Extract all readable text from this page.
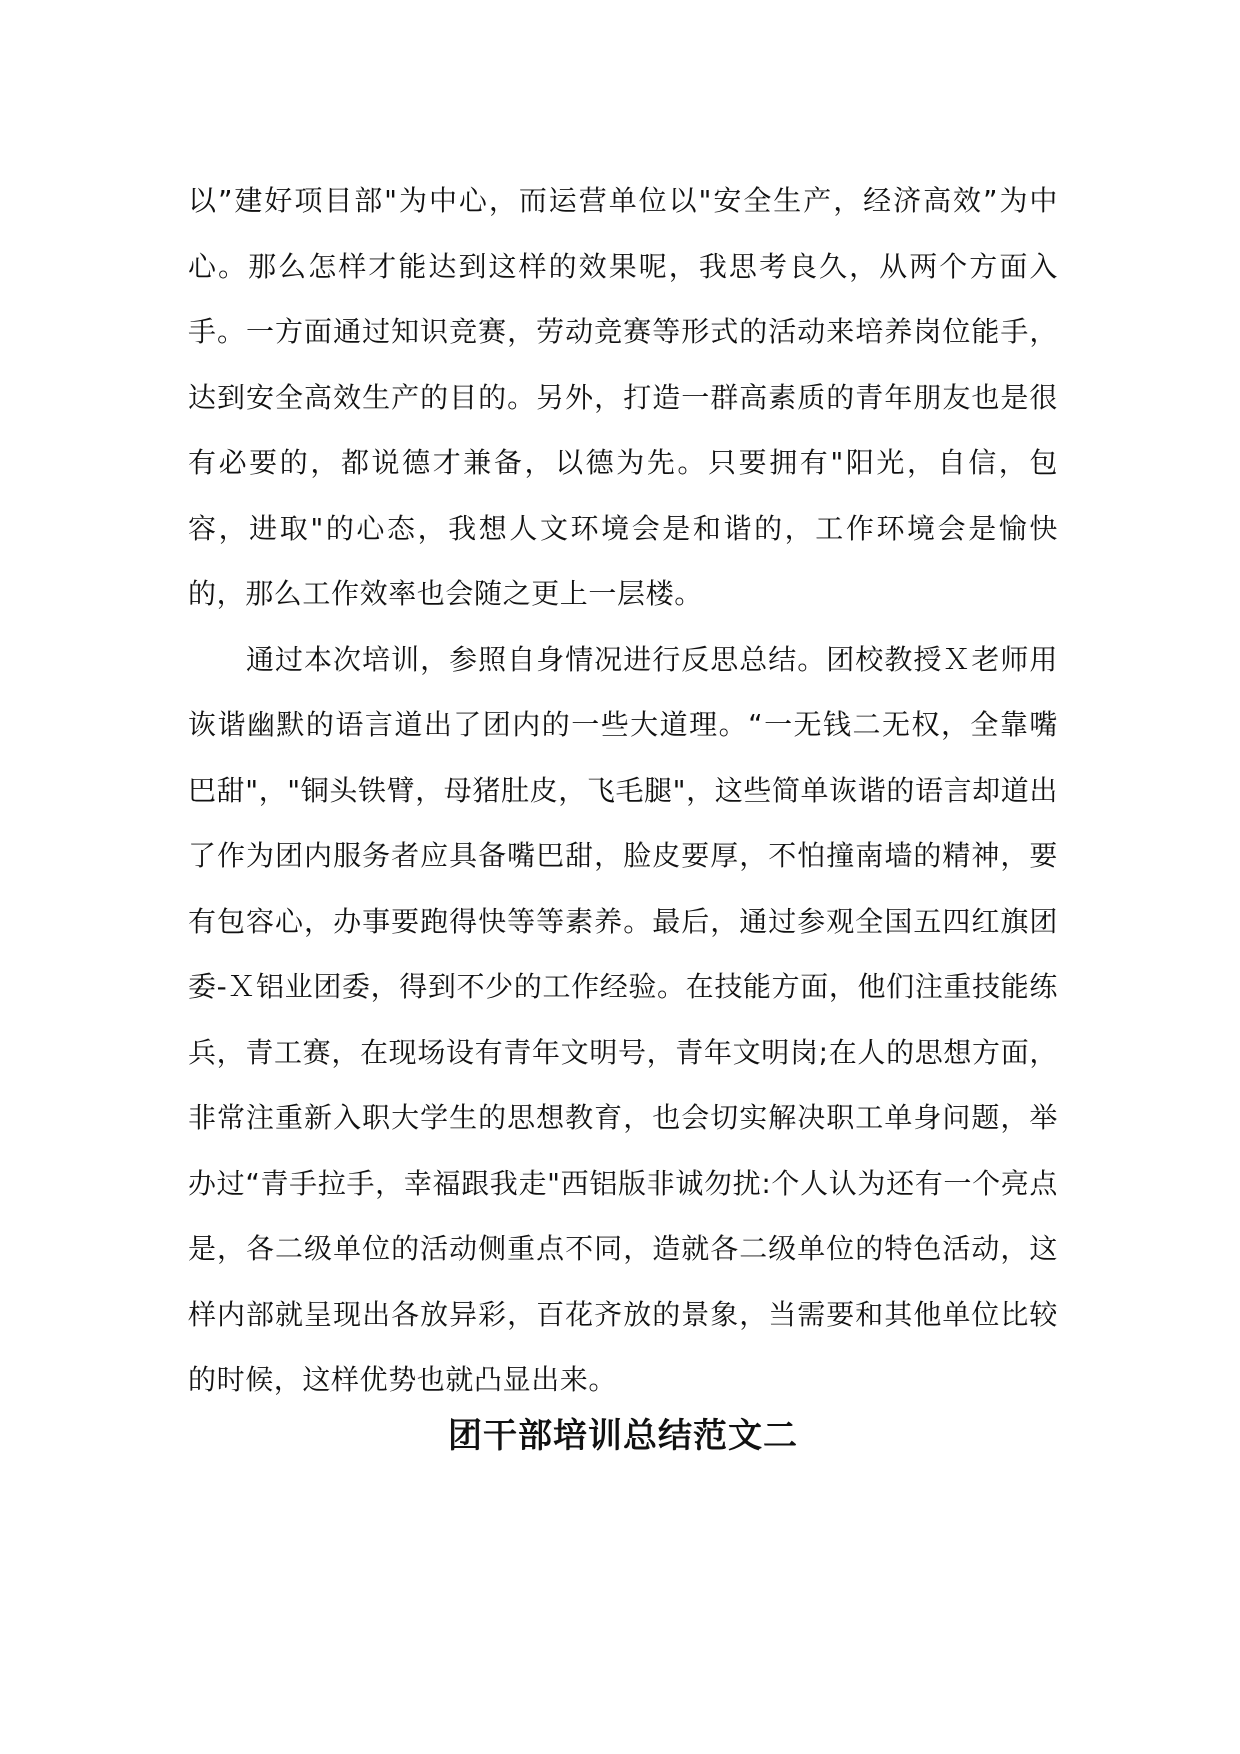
以”建好项目部"为中心，而运营单位以"安全生产，经济高效”为中心。那么怎样才能达到这样的效果呢，我思考良久，从两个方面入手。一方面通过知识竞赛，劳动竞赛等形式的活动来培养岗位能手，达到安全高效生产的目的。另外，打造一群高素质的青年朋友也是很有必要的，都说德才兼备，以德为先。只要拥有"阳光，自信，包容，进取"的心态，我想人文环境会是和谐的，工作环境会是愉快的，那么工作效率也会随之更上一层楼。

通过本次培训，参照自身情况进行反思总结。团校教授Ｘ老师用诙谐幽默的语言道出了团内的一些大道理。“一无钱二无权，全靠嘴巴甜"，"铜头铁臂，母猪肚皮，飞毛腿"，这些简单诙谐的语言却道出了作为团内服务者应具备嘴巴甜，脸皮要厚，不怕撞南墙的精神，要有包容心，办事要跑得快等等素养。最后，通过参观全国五四红旗团委-Ｘ铝业团委，得到不少的工作经验。在技能方面，他们注重技能练兵，青工赛，在现场设有青年文明号，青年文明岗;在人的思想方面，非常注重新入职大学生的思想教育，也会切实解决职工单身问题，举办过“青手拉手，幸福跟我走"西铝版非诚勿扰:个人认为还有一个亮点是，各二级单位的活动侧重点不同，造就各二级单位的特色活动，这样内部就呈现出各放异彩，百花齐放的景象，当需要和其他单位比较的时候，这样优势也就凸显出来。

团干部培训总结范文二
